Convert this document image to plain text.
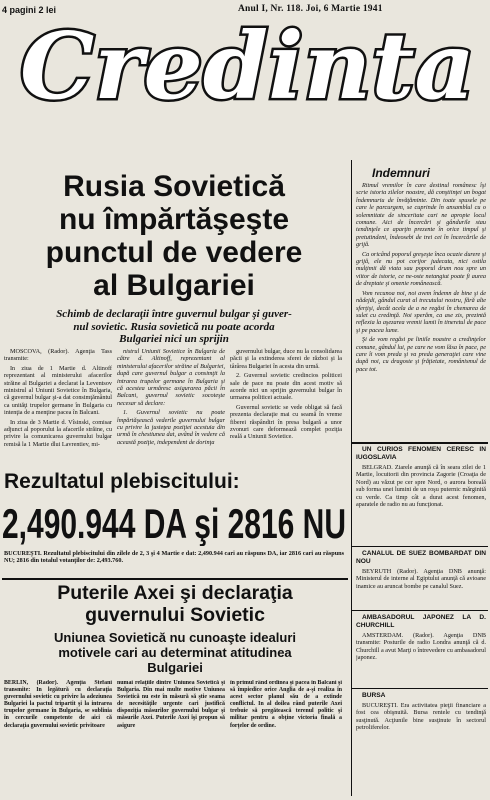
4 pagini 2 lei	Anul I, Nr. 118. Joi, 6 Martie 1941
Credinta
Rusia Sovietică
nu împărtăşeşte
punctul de vedere
al Bulgariei
Schimb de declaraţii între guvernul bulgar şi guver-
nul sovietic. Rusia sovietică nu poate acorda
Bulgariei nici un sprijin

MOSCOVA, (Rador). Agenţia Tass transmite:

In ziua de 1 Martie d. Altinoff reprezentant al ministerului afacerilor străine al Bulgariei a declarat la Leventsov ministrul al Uniunii Sovietice în Bulgaria, că guvernul bulgar şi-a dat consimţământul ca unităţi trupelor germane în Bulgaria cu intenţia de a menţine pacea în Balcani.

In ziua de 3 Martie d. Vîsinski, comisar adjunct al poporului la afacerile străine, cu privire la comunicarea guvernului bulgar remisă la 1 Martie dlui Lavrentiev, mi-

nistrul Uniunii Sovietice în Bulgaria de către d. Altinoff, reprezentant al ministerului afacerilor străine al Bulgariei, după care guvernul bulgar a consimţit la intrarea trupelor germane în Bulgaria şi că acestea urmăresc asigurarea păcii în Balcani, guvernul sovietic socoteşte necesar să declare:

1. Guvernul sovietic nu poate împărtăşească vederile guvernului bulgar cu privire la justeţea poziţiei acestuia din urmă în chestiunea dat, având în vedere că această poziţie, independent de dorinţa

guvernului bulgar, duce nu la consolidarea păcii şi la extinderea sferei de război şi la târârea Bulgariei în acesta din urmă.

2. Guvernul sovietic credincios politicei sale de pace nu poate din acest motiv să acorde nici un sprijin guvernului bulgar în urmarea politicei actuale.

Guvernul sovietic se vede obligat să facă prezenta declaraţie mai cu seamă în vreme fiberei răspândiri în presa bulgară a unor zvonuri care deformează complet poziţia reală a Uniunii Sovietice.

Rezultatul plebiscitului:
2,490.944 DA şi 2816 NU
BUCUREŞTI. Rezultatul plebiscitului din zilele de 2, 3 şi 4 Martie e dat: 2,490.944 cari au răspuns DA, iar 2816 cari au răspuns NU; 2816 din totalul votanţilor de: 2,493.760.
Puterile Axei şi declaraţia
guvernului Sovietic
Uniunea Sovietică nu cunoaşte idealuri
motivele cari au determinat atitudinea
Bulgariei
BERLIN, (Rador). Agenţia Stefani transmite: In legătură cu declaraţia guvernului sovietic cu privire la adeziunea Bulgariei la pactul tripartit şi la intrarea trupelor germane în Bulgaria, se sublinia în cercurile competente de aici că declaraţia guvernului sovietic privitoare
numai relaţiile dintre Uniunea Sovietică şi Bulgaria. Din mai multe motive Uniunea Sovietică nu este în măsură să ştie seama de necesităţile urgente cari justifică dispoziţia măsurilor guvernului bulgar şi măsurile Axei. Puterile Axei îşi propun să asigure
în primul rând ordinea şi pacea în Balcani şi să împiedice orice Anglia de a-şi realiza în acest sector planul său de a extinde conflictul. In al doilea rând puterile Axei trebuie să pregătească terenul politic şi militar pentru a obţine victoria finală a forţelor de ordine.
Indemnuri

Ritmul vremilor în care destinul românesc îşi scrie istoria zilelor noastre, dă conştiinţei un bogat îndemnuriu de învăţăminte. Din toate spusele pe care le parcurgem, se cuprinde în ansamblul cu o solemnitate de sinceritate cari ne apropie locul comune. Aici de încercări şi gândurile stau tendinţele ce aparţin prezente în orice timpul şi pretutindeni, îndeosebi de trei cei în încercările de grijă.

Ca oricând poporul greşeşte înca ocazie durere şi grijă, ele nu pot corijor judecata, nici ostila mulţimii dă viata sau poporul drum nou spre un viitor de istorie, ce ne-oste netangiut poate fi aurea de dreptate şi omenie românească.

Vom recunoa noi, noi avem îndemn de bine şi de nădejdi, gândul curat al trecutului nostru, fără alte sferţişi, decât acela de a ne regăsi în chemarea de sulet cu credinţă. Noi sperăm, ca ase zis, prezintă reflexia la aşezarea vremii lumii în tineretul de pace şi pe pacea lume.

Şi de vom regăsi pe liniile noastre a credinţelor comune, gândul lui, pe care ne vom lăsa în pace, pe care îi vom preda şi va preda generaţiei care vine după noi, cu dragoste şi frăţietate, românismul de pace tot.

UN CURIOS FENOMEN CERESC IN IUGOSLAVIA

BELGRAD. Ziarele anunţă că în seara zilei de 1 Martie, locuitorii din provincia Zagorie (Croaţia de Nord) au văzut pe cer spre Nord, o aurora boreală sub forma unei lumini de un roşu puternic mărginită cu verde. Ca timp cât a durat acest fenomen, aparatele de radio nu au funcţionat.

CANALUL DE SUEZ BOMBARDAT DIN NOU

BEYRUTH (Rador). Agenţia DNB anunţă: Ministerul de interne al Egiptului anunţă că avioane inamice au aruncat bombe pe canalul Suez.

AMBASADORUL JAPONEZ LA D. CHURCHILL

AMSTERDAM. (Rador). Agenţia DNB transmite: Posturile de radio Londra anunţă că d. Churchill a avut Marţi o întrevedere cu ambasadorul japonez.

BURSA

BUCUREŞTI. Era activitatea pieţii financiare a fost cea obişnuită. Bursa rentele cu tendinţă susţinută. Acţiunile bine susţinute în sectorul petroliferelor.
